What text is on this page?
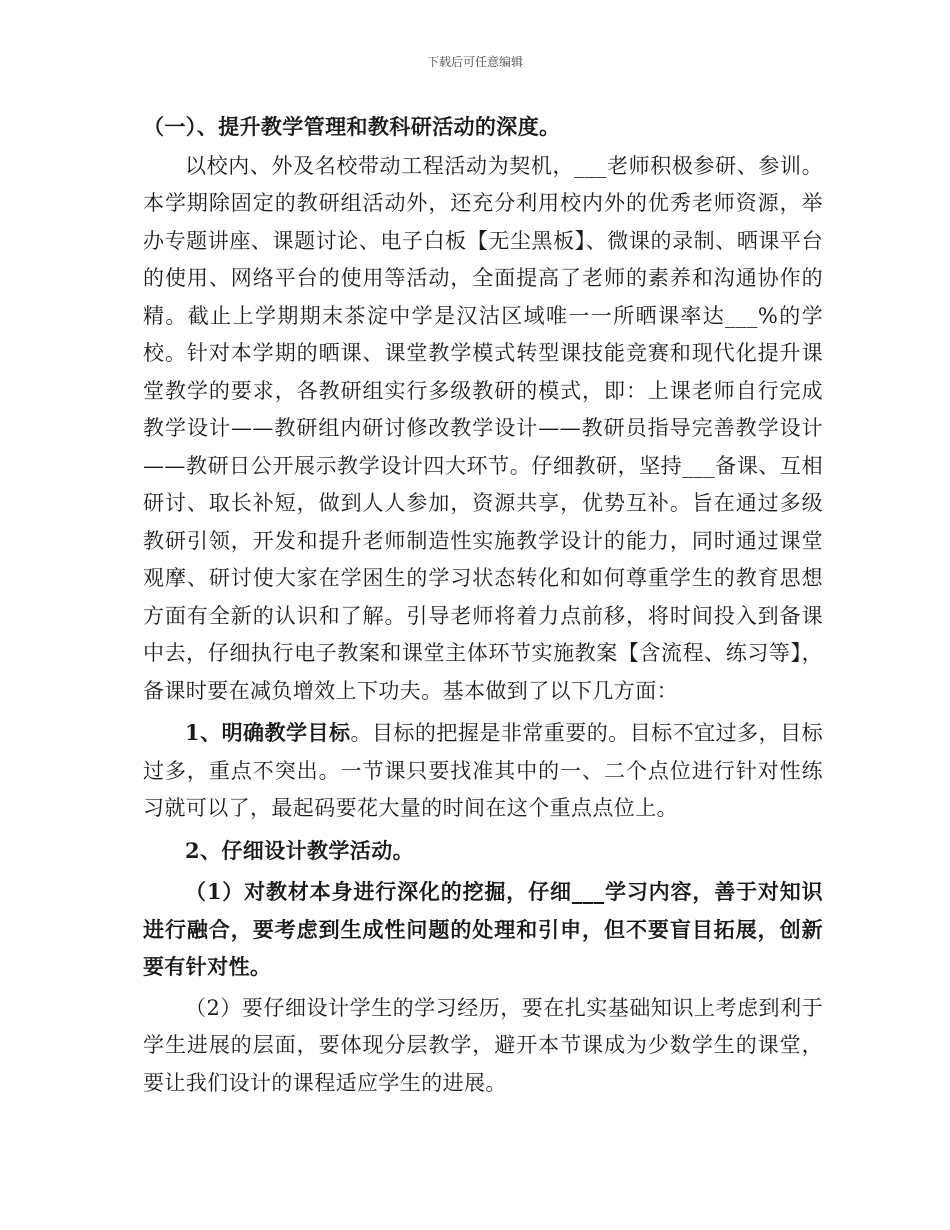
下载后可任意编辑

（一）、提升教学管理和教科研活动的深度。

以校内、外及名校带动工程活动为契机，___老师积极参研、参训。本学期除固定的教研组活动外，还充分利用校内外的优秀老师资源，举办专题讲座、课题讨论、电子白板【无尘黑板】、微课的录制、晒课平台的使用、网络平台的使用等活动，全面提高了老师的素养和沟通协作的精。截止上学期期末茶淀中学是汉沽区域唯一一所晒课率达___%的学校。针对本学期的晒课、课堂教学模式转型课技能竞赛和现代化提升课堂教学的要求，各教研组实行多级教研的模式，即：上课老师自行完成教学设计——教研组内研讨修改教学设计——教研员指导完善教学设计——教研日公开展示教学设计四大环节。仔细教研，坚持___备课、互相研讨、取长补短，做到人人参加，资源共享，优势互补。旨在通过多级教研引领，开发和提升老师制造性实施教学设计的能力，同时通过课堂观摩、研讨使大家在学困生的学习状态转化和如何尊重学生的教育思想方面有全新的认识和了解。引导老师将着力点前移，将时间投入到备课中去，仔细执行电子教案和课堂主体环节实施教案【含流程、练习等】，备课时要在减负增效上下功夫。基本做到了以下几方面：

1、明确教学目标。目标的把握是非常重要的。目标不宜过多，目标过多，重点不突出。一节课只要找准其中的一、二个点位进行针对性练习就可以了，最起码要花大量的时间在这个重点点位上。

2、仔细设计教学活动。

（1）对教材本身进行深化的挖掘，仔细___学习内容，善于对知识进行融合，要考虑到生成性问题的处理和引申，但不要盲目拓展，创新要有针对性。

（2）要仔细设计学生的学习经历，要在扎实基础知识上考虑到利于学生进展的层面，要体现分层教学，避开本节课成为少数学生的课堂，要让我们设计的课程适应学生的进展。
